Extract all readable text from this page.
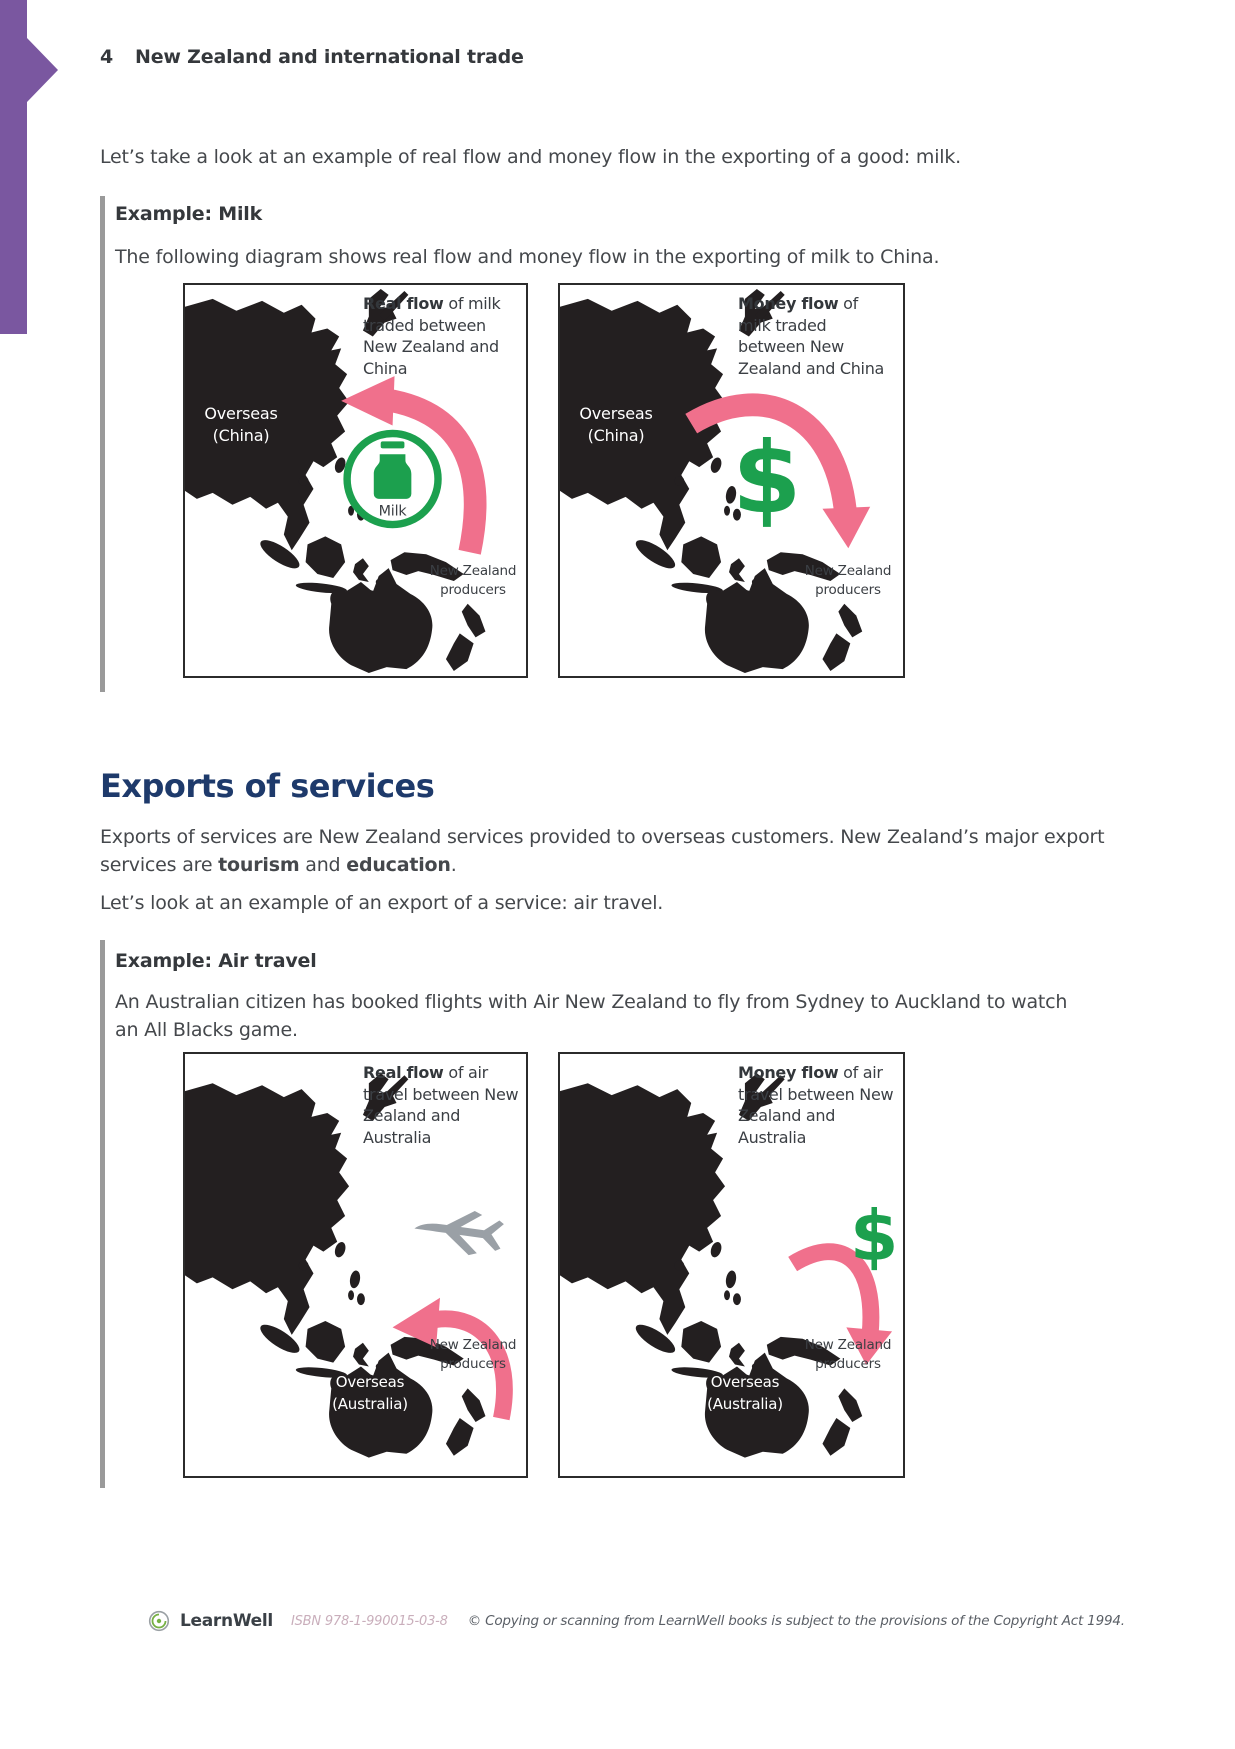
4 New Zealand and international trade

Let’s take a look at an example of real flow and money flow in the exporting of a good: milk.

Example: Milk
The following diagram shows real flow and money flow in the exporting of milk to China.
Milk
Real flow of milk traded between New Zealand and China
Overseas
(China)
New Zealand
producers
$
Money flow of milk traded between New Zealand and China
Overseas
(China)
New Zealand
producers
Exports of services

Exports of services are New Zealand services provided to overseas customers. New Zealand’s major export services are tourism and education.

Let’s look at an example of an export of a service: air travel.

Example: Air travel
An Australian citizen has booked flights with Air New Zealand to fly from Sydney to Auckland to watch an All Blacks game.
Real flow of air travel between New Zealand and Australia
Overseas
(Australia)
New Zealand
producers
$
Money flow of air travel between New Zealand and Australia
Overseas
(Australia)
New Zealand
producers
LearnWell ISBN 978-1-990015-03-8 © Copying or scanning from LearnWell books is subject to the provisions of the Copyright Act 1994.
